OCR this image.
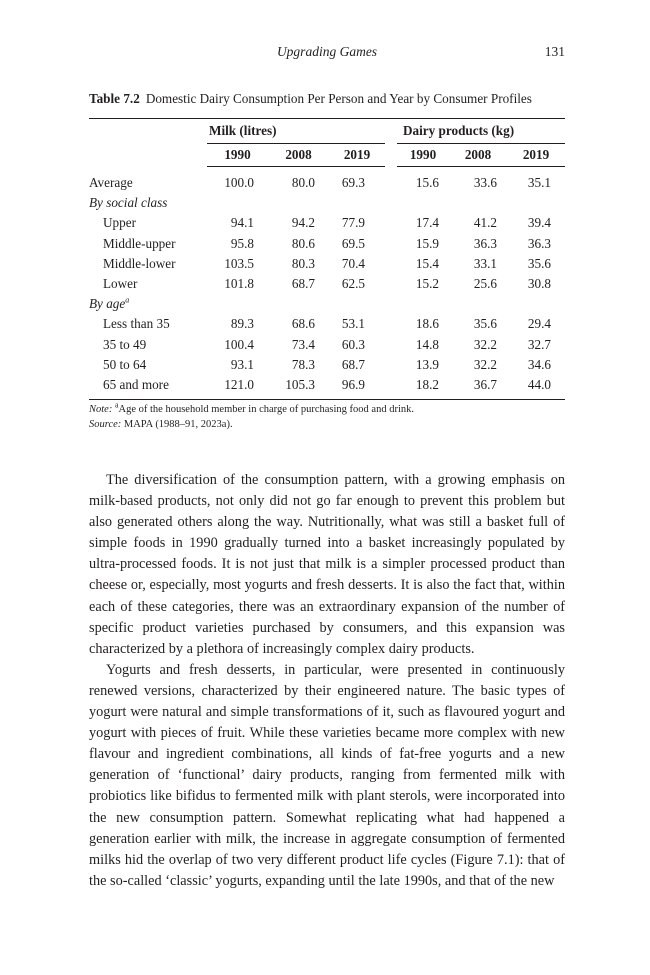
Upgrading Games	131
Table 7.2 Domestic Dairy Consumption Per Person and Year by Consumer Profiles

	Milk (litres)			Dairy products (kg)		
	1990	2008	2019	1990	2008	2019

Average	100.0	80.0	69.3	15.6	33.6	35.1
By social class						
Upper	94.1	94.2	77.9	17.4	41.2	39.4
Middle-upper	95.8	80.6	69.5	15.9	36.3	36.3
Middle-lower	103.5	80.3	70.4	15.4	33.1	35.6
Lower	101.8	68.7	62.5	15.2	25.6	30.8
By age$^a$
Less than 35	89.3	68.6	53.1	18.6	35.6	29.4
35 to 49	100.4	73.4	60.3	14.8	32.2	32.7
50 to 64	93.1	78.3	68.7	13.9	32.2	34.6
65 and more	121.0	105.3	96.9	18.2	36.7	44.0

Note: $^a$Age of the household member in charge of purchasing food and drink.
Source: MAPA (1988–91, 2023a).

The diversification of the consumption pattern, with a growing emphasis on milk-based products, not only did not go far enough to prevent this problem but also generated others along the way. Nutritionally, what was still a basket full of simple foods in 1990 gradually turned into a basket increasingly populated by ultra-processed foods. It is not just that milk is a simpler processed product than cheese or, especially, most yogurts and fresh desserts. It is also the fact that, within each of these categories, there was an extraordinary expansion of the number of specific product varieties purchased by consumers, and this expansion was characterized by a plethora of increasingly complex dairy products.

Yogurts and fresh desserts, in particular, were presented in continuously renewed versions, characterized by their engineered nature. The basic types of yogurt were natural and simple transformations of it, such as flavoured yogurt and yogurt with pieces of fruit. While these varieties became more complex with new flavour and ingredient combinations, all kinds of fat-free yogurts and a new generation of ‘functional’ dairy products, ranging from fermented milk with probiotics like bifidus to fermented milk with plant sterols, were incorporated into the new consumption pattern. Somewhat replicating what had happened a generation earlier with milk, the increase in aggregate consumption of fermented milks hid the overlap of two very different product life cycles (Figure 7.1): that of the so-called ‘classic’ yogurts, expanding until the late 1990s, and that of the new
